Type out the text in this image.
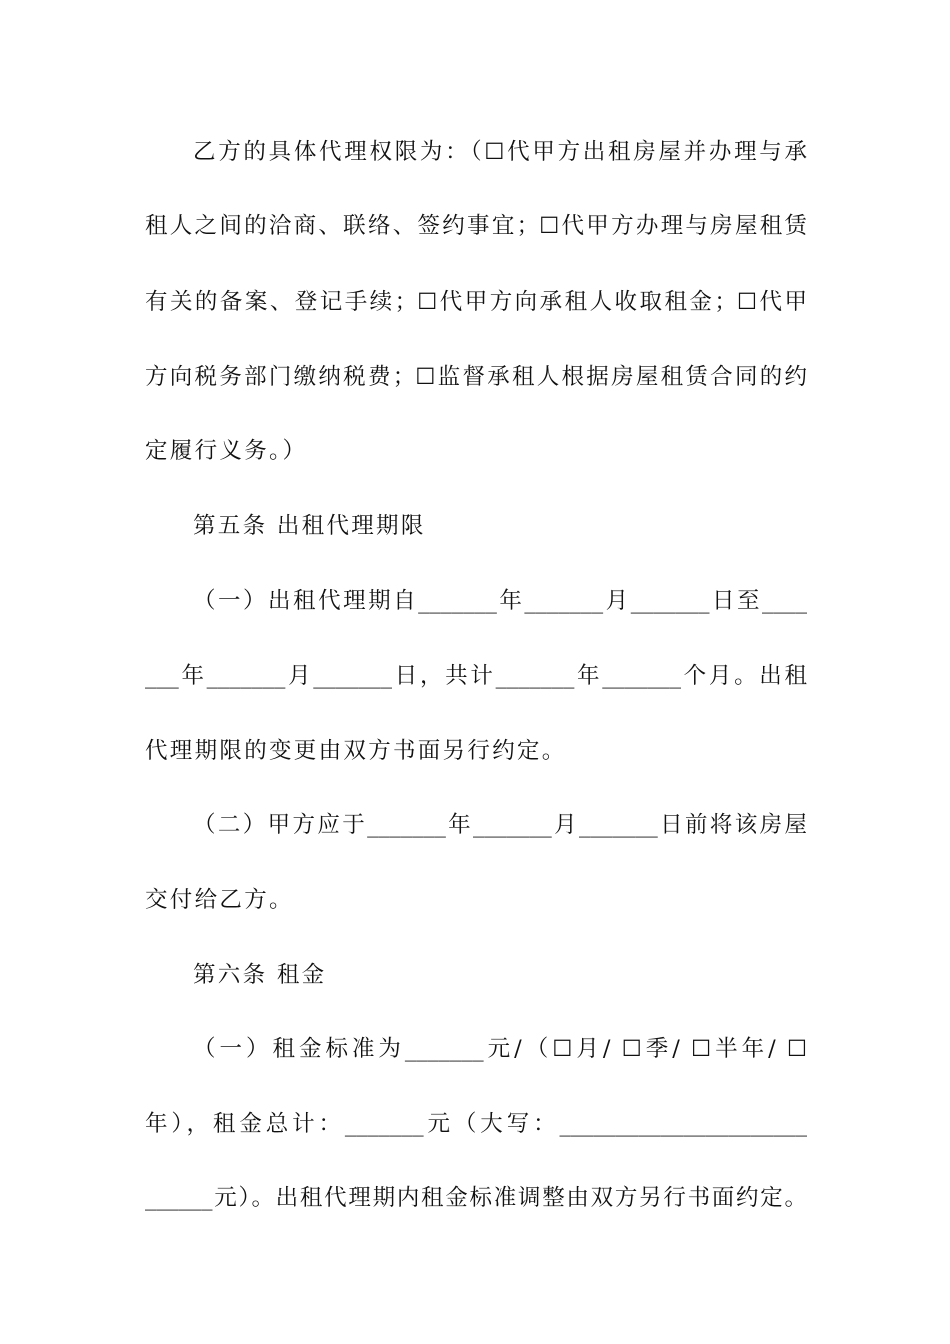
乙方的具体代理权限为：（☐代甲方出租房屋并办理与承
租人之间的洽商、联络、签约事宜；☐代甲方办理与房屋租赁
有关的备案、登记手续；☐代甲方向承租人收取租金；☐代甲
方向税务部门缴纳税费；☐监督承租人根据房屋租赁合同的约
定履行义务。）
第五条 出租代理期限
（一）出租代理期自_______年_______月_______日至____
___年_______月_______日，共计_______年_______个月。出租
代理期限的变更由双方书面另行约定。
（二）甲方应于_______年_______月_______日前将该房屋
交付给乙方。
第六条 租金
（一）租金标准为_______元/（☐月/ ☐季/ ☐半年/ ☐
年），租金总计：_______元（大写：______________________
______元）。出租代理期内租金标准调整由双方另行书面约定。
